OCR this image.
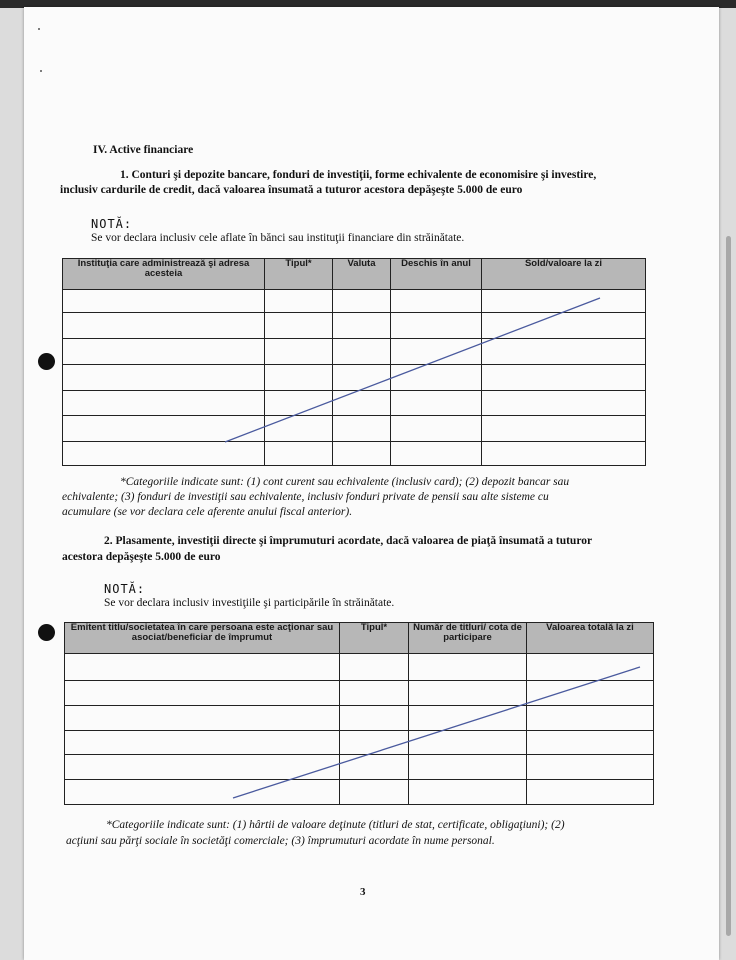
IV. Active financiare
1. Conturi şi depozite bancare, fonduri de investiţii, forme echivalente de economisire şi investire,
inclusiv cardurile de credit, dacă valoarea însumată a tuturor acestora depăşeşte 5.000 de euro
NOTĂ:
Se vor declara inclusiv cele aflate în bănci sau instituţii financiare din străinătate.
Instituţia care administrează şi adresa acesteia	Tipul*	Valuta	Deschis în anul	Sold/valoare la zi

*Categoriile indicate sunt: (1) cont curent sau echivalente (inclusiv card); (2) depozit bancar sau
echivalente; (3) fonduri de investiţii sau echivalente, inclusiv fonduri private de pensii sau alte sisteme cu
acumulare (se vor declara cele aferente anului fiscal anterior).
2. Plasamente, investiţii directe şi împrumuturi acordate, dacă valoarea de piaţă însumată a tuturor
acestora depăşeşte 5.000 de euro
NOTĂ:
Se vor declara inclusiv investiţiile şi participările în străinătate.
Emitent titlu/societatea în care persoana este acţionar sau asociat/beneficiar de împrumut	Tipul*	Număr de titluri/ cota de participare	Valoarea totală la zi

*Categoriile indicate sunt: (1) hârtii de valoare deţinute (titluri de stat, certificate, obligaţiuni); (2)
acţiuni sau părţi sociale în societăţi comerciale; (3) împrumuturi acordate în nume personal.
3
